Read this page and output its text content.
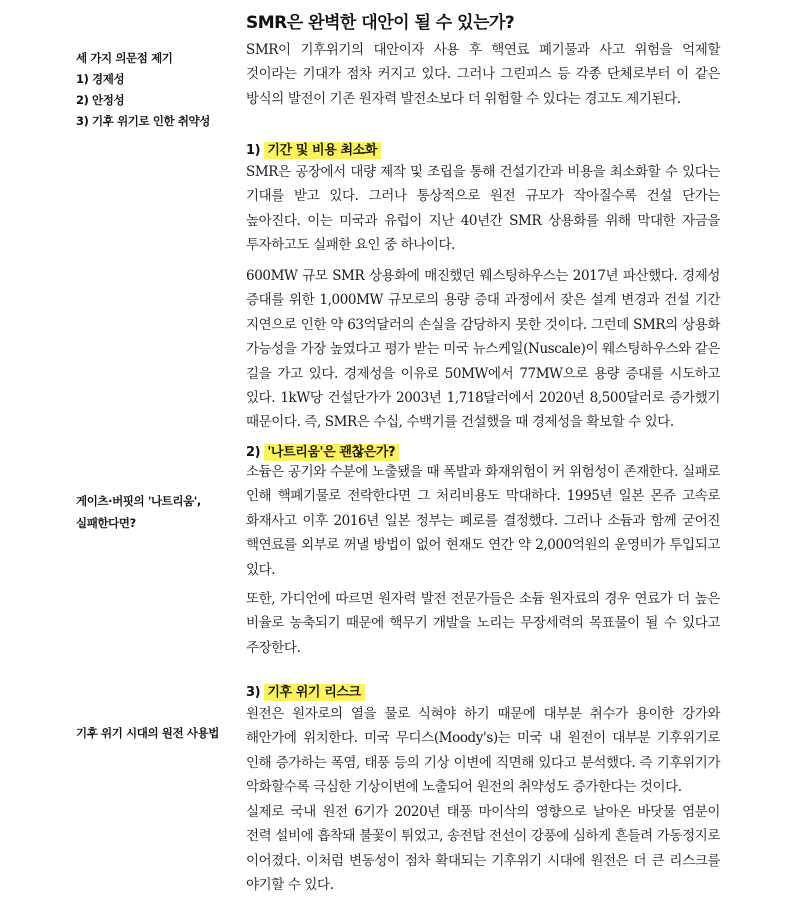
SMR은 완벽한 대안이 될 수 있는가?
세 가지 의문점 제기
1) 경제성
2) 안정성
3) 기후 위기로 인한 취약성
게이츠·버핏의 '나트리움',
실패한다면?
기후 위기 시대의 원전 사용법
SMR이 기후위기의 대안이자 사용 후 핵연료 폐기물과 사고 위험을 억제할 것이라는 기대가 점차 커지고 있다. 그러나 그린피스 등 각종 단체로부터 이 같은 방식의 발전이 기존 원자력 발전소보다 더 위험할 수 있다는 경고도 제기된다.
1) 기간 및 비용 최소화
SMR은 공장에서 대량 제작 및 조립을 통해 건설기간과 비용을 최소화할 수 있다는 기대를 받고 있다. 그러나 통상적으로 원전 규모가 작아질수록 건설 단가는 높아진다. 이는 미국과 유럽이 지난 40년간 SMR 상용화를 위해 막대한 자금을 투자하고도 실패한 요인 중 하나이다.
600MW 규모 SMR 상용화에 매진했던 웨스팅하우스는 2017년 파산했다. 경제성 증대를 위한 1,000MW 규모로의 용량 증대 과정에서 잦은 설계 변경과 건설 기간 지연으로 인한 약 63억달러의 손실을 감당하지 못한 것이다. 그런데 SMR의 상용화 가능성을 가장 높였다고 평가 받는 미국 뉴스케일(Nuscale)이 웨스팅하우스와 같은 길을 가고 있다. 경제성을 이유로 50MW에서 77MW으로 용량 증대를 시도하고 있다. 1kW당 건설단가가 2003년 1,718달러에서 2020년 8,500달러로 증가했기 때문이다. 즉, SMR은 수십, 수백기를 건설했을 때 경제성을 확보할 수 있다.
2) '나트리움'은 괜찮은가?
소듐은 공기와 수분에 노출됐을 때 폭발과 화재위험이 커 위험성이 존재한다. 실패로 인해 핵폐기물로 전락한다면 그 처리비용도 막대하다. 1995년 일본 몬쥬 고속로 화재사고 이후 2016년 일본 정부는 폐로를 결정했다. 그러나 소듐과 함께 굳어진 핵연료를 외부로 꺼낼 방법이 없어 현재도 연간 약 2,000억원의 운영비가 투입되고 있다.
또한, 가디언에 따르면 원자력 발전 전문가들은 소듐 원자료의 경우 연료가 더 높은 비율로 농축되기 때문에 핵무기 개발을 노리는 무장세력의 목표물이 될 수 있다고 주장한다.
3) 기후 위기 리스크
원전은 원자로의 열을 물로 식혀야 하기 때문에 대부분 취수가 용이한 강가와 해안가에 위치한다. 미국 무디스(Moody's)는 미국 내 원전이 대부분 기후위기로 인해 증가하는 폭염, 태풍 등의 기상 이변에 직면해 있다고 분석했다. 즉 기후위기가 악화할수록 극심한 기상이변에 노출되어 원전의 취약성도 증가한다는 것이다.
실제로 국내 원전 6기가 2020년 태풍 마이삭의 영향으로 날아온 바닷물 염분이 전력 설비에 흡착돼 불꽃이 튀었고, 송전탑 전선이 강풍에 심하게 흔들려 가동정지로 이어졌다. 이처럼 변동성이 점차 확대되는 기후위기 시대에 원전은 더 큰 리스크를 야기할 수 있다.
